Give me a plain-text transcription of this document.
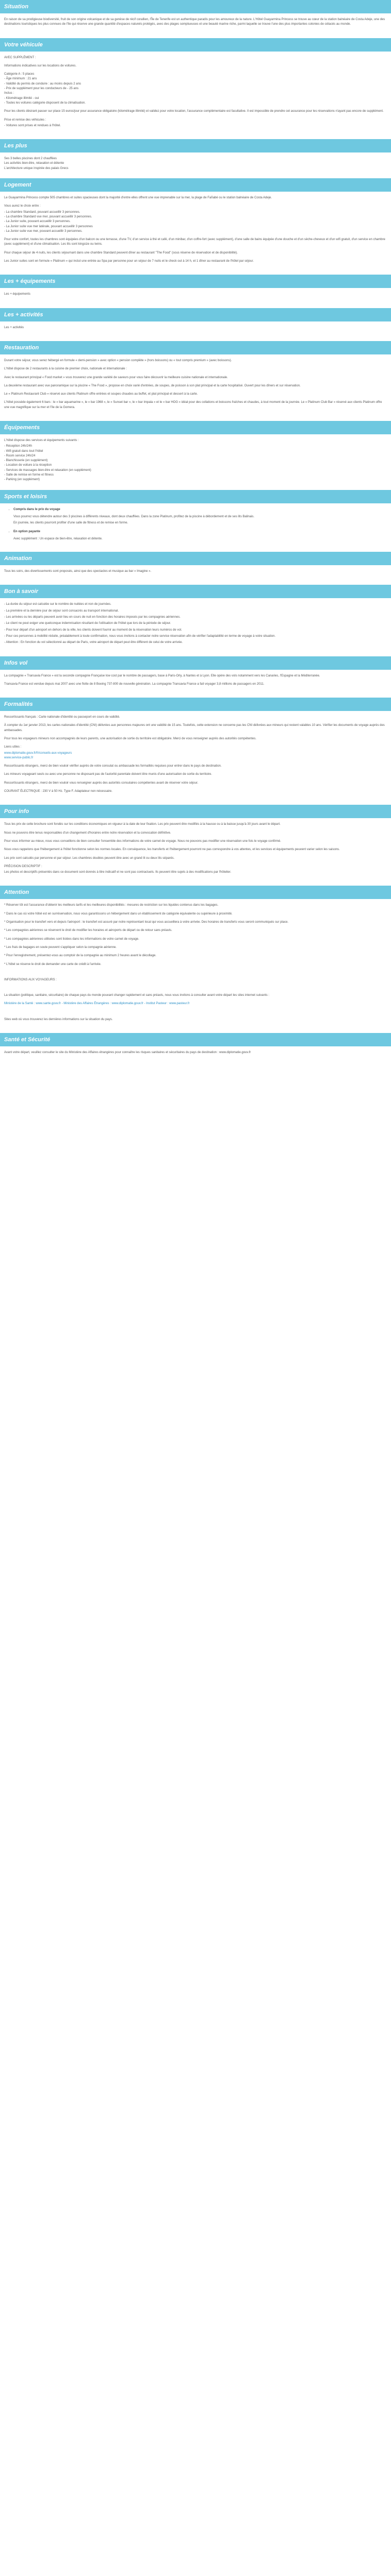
Situation

En raison de sa prodigieuse biodiversité, fruit de son origine volcanique et de sa genèse de récif corallien, l'Île de Tenerife est un authentique paradis pour les amoureux de la nature. L'Hôtel Guayarmina Princess se trouve au cœur de la station balnéaire de Costa Adeje, une des destinations touristiques les plus connues de l'île qui réserve une grande quantité d'espaces naturels protégés, avec des plages somptueuses et une beauté marine riche, parmi laquelle se trouve l'une des plus importantes colonies de cétacés au monde.

Votre véhicule

AVEC SUPPLÉMENT :

Informations indicatives sur les locations de voitures.

Catégorie A : 5 places
- Âge minimum : 21 ans
- Validité du permis de conduire : au moins depuis 2 ans
- Prix de supplément pour les conducteurs de - 25 ans
Inclus :
- Kilométrage illimité - oui
- Toutes les voitures catégorie disposent de la climatisation.

Pour les clients désirant passer sur place 15 euros/jour pour assurance obligatoire (kilométrage illimité) et validez pour votre location, l'assurance complémentaire est facultative. Il est impossible de prendre cet assurance pour les réservations n'ayant pas encore de supplément.

Prise et remise des véhicules :

- Voitures sont prises et rendues à l'hôtel.

Les plus
Ses 3 belles piscines dont 2 chauffées
Les activités bien-être, relaxation et détente
L'architecture unique inspirée des palais Grecs
Logement

Le Guayarmina Princess compte 505 chambres et suites spacieuses dont la majorité d'entre elles offrent une vue imprenable sur la mer, la plage de Fañabé ou le station balnéaire de Costa Adeje.

Vous aurez le choix entre :

- La chambre Standard, pouvant accueillir 3 personnes.
- La chambre Standard vue mer, pouvant accueillir 3 personnes.
- La Junior suite, pouvant accueillir 3 personnes.
- La Junior suite vue mer latérale, pouvant accueillir 3 personnes
- La Junior suite vue mer, pouvant accueillir 3 personnes.

Pour votre confort, toutes les chambres sont équipées d'un balcon ou une terrasse, d'une TV, d'un service à thé et café, d'un minibar, d'un coffre-fort (avec supplément), d'une salle de bains équipée d'une douche et d'un sèche-cheveux et d'un wifi gratuit, d'un service en chambre (avec supplément) et d'une climatisation. Les lits sont kingsize ou twins.

Pour chaque séjour de 4 nuits, les clients séjournant dans une chambre Standard peuvent dîner au restaurant "The Food" (sous réserve de réservation et de disponibilité).

Les Junior suites sont en formule « Platinum » qui inclut une entrée au Spa par personne pour un séjour de 7 nuits et le check out à 14 h, et 1 dîner au restaurant de l'hôtel par séjour.

Les + équipements

Les + équipements

Les + activités

Les + activités

Restauration

Durant votre séjour, vous serez hébergé en formule « demi-pension » avec option « pension complète » (hors boissons) ou « tout compris premium » (avec boissons).

L'hôtel dispose de 2 restaurants à la cuisine de premier choix, nationale et internationale :

Avec le restaurant principal « Food market » vous trouverez une grande variété de saveurs pour vous faire découvrir la meilleure cuisine nationale et internationale.

La deuxième restaurant avec vue panoramique sur la piscine « The Food », propose en choix varié d'entrées, de soupes, de poisson à son plat principal et la carte hospitalisé. Ouvert pour les dîners et sur réservation.

Le « Platinum Restaurant Club » réservé aux clients Platinum offre entrées et soupes chaudes au buffet, et plat principal et dessert à la carte.

L'hôtel possède également 6 bars : le « bar aquamarine », le « bar 1968 », le « Sunset bar », le « bar ímpala » et le « bar HOG » idéal pour des collations et boissons fraîches et chaudes, à tout moment de la journée. Le « Platinum Club Bar » réservé aux clients Platinum offre une vue magnifique sur la mer et l'île de la Gomera.

Équipements

L'hôtel dispose des services et équipements suivants :

- Réception 24h/24h
- Wifi gratuit dans tout l'hôtel
- Room service 24h/24
- Blanchisserie (en supplément)
- Location de voiture à la réception
- Services de massages bien-être et relaxation (en supplément)
- Salle de remise en forme et fitness
- Parking (en supplément)
Sports et loisirs
• Compris dans le prix du voyage

Vous pourrez vous détendre autour des 3 piscines à différents niveaux, dont deux chauffées. Dans la zone Platinum, profitez de la piscine à débordement et de ses lits Balinais.

En journée, les clients pourront profiter d'une salle de fitness et de remise en forme.

• En option payante

Avec supplément : Un espace de bien-être, relaxation et détente.

Animation

Tous les soirs, des divertissements sont proposés, ainsi que des spectacles et musique au bar « Imagine ».

Bon à savoir

- La durée du séjour est calculée sur le nombre de nuitées et non de journées.

- La première et la dernière jour de séjour sont consacrés au transport international.

- Les arrivées ou les départs peuvent avoir lieu en cours de nuit en fonction des horaires imposés par les compagnies aériennes.

- Le client ne peut exiger une quelconque indemnisation résultant de l'utilisation de l'hôtel que lors de la période de séjour.

- Pour leur départ d'un aéroport en dehors de la ville, les clients doivent fournir au moment de la réservation leurs numéros de vol.

- Pour ces personnes à mobilité réduite, préalablement à toute confirmation, nous vous invitons à contacter notre service réservation afin de vérifier l'adaptabilité en terme de voyage à votre situation.

- Attention : En fonction du vol sélectionné au départ de Paris, votre aéroport de départ peut être différent de celui de votre arrivée.

Infos vol

La compagnie « Transavia France » est la seconde compagnie Française low cost par le nombre de passagers, base à Paris-Orly, à Nantes et à Lyon. Elle opère des vols notamment vers les Canaries, l'Espagne et la Méditerranée.

Transavia France est vendue depuis mai 2007 avec une flotte de 8 Boeing 737-800 de nouvelle génération. La compagnie Transavia France a fait voyager 3,8 millions de passagers en 2011.

Formalités

Ressortissants français : Carte nationale d'identité ou passeport en cours de validité.

À compter du 1er janvier 2013, les cartes nationales d'identité (CNI) délivrées aux personnes majeures ont une validité de 15 ans. Toutefois, cette extension ne concerne pas les CNI délivrées aux mineurs qui restent valables 10 ans. Vérifier les documents de voyage auprès des ambassades.

Pour tous les voyageurs mineurs non accompagnés de leurs parents, une autorisation de sortie du territoire est obligatoire. Merci de vous renseigner auprès des autorités compétentes.

Liens utiles :

www.diplomatie.gouv.fr/fr/conseils-aux-voyageurs
www.service-public.fr

Ressortissants étrangers, merci de bien vouloir vérifier auprès de votre consulat ou ambassade les formalités requises pour entrer dans le pays de destination.

Les mineurs voyageant seuls ou avec une personne ne disposant pas de l'autorité parentale doivent être munis d'une autorisation de sortie du territoire.

Ressortissants étrangers, merci de bien vouloir vous renseigner auprès des autorités consulaires compétentes avant de réserver votre séjour.

COURANT ÉLECTRIQUE : 230 V à 50 Hz. Type F. Adaptateur non nécessaire.

Pour info

Tous les prix de cette brochure sont fondés sur les conditions économiques en vigueur à la date de leur fixation. Les prix peuvent être modifiés à la hausse ou à la baisse jusqu'à 30 jours avant le départ.

Nous ne pouvons être tenus responsables d'un changement d'horaires entre notre réservation et la convocation définitive.

Pour vous informer au mieux, nous vous conseillons de bien consulter l'ensemble des informations de votre carnet de voyage. Nous ne pouvons pas modifier une réservation une fois le voyage confirmé.

Nous vous rappelons que l'hébergement à l'hôtel fonctionne selon les normes locales. En conséquence, les transferts et l'hébergement pourront ne pas correspondre à vos attentes, et les services et équipements peuvent varier selon les saisons.

Les prix sont calculés par personne et par séjour. Les chambres doubles peuvent être avec un grand lit ou deux lits séparés.

PRÉCISION DESCRIPTIF :

Les photos et descriptifs présentés dans ce document sont donnés à titre indicatif et ne sont pas contractuels. Ils peuvent être sujets à des modifications par l'hôtelier.

Attention

* Réserver tôt est l'assurance d'obtenir les meilleurs tarifs et les meilleures disponibilités : mesures de restriction sur les liquides contenus dans les bagages.

* Dans le cas où votre hôtel est en surréservation, nous vous garantissons un hébergement dans un établissement de catégorie équivalente ou supérieure à proximité.

* Organisation pour le transfert vers et depuis l'aéroport : le transfert est assuré par notre représentant local qui vous accueillera à votre arrivée. Des horaires de transferts vous seront communiqués sur place.

* Les compagnies aériennes se réservent le droit de modifier les horaires et aéroports de départ ou de retour sans préavis.

* Les compagnies aériennes utilisées sont listées dans les informations de votre carnet de voyage.

* Les frais de bagages en soute peuvent s'appliquer selon la compagnie aérienne.

* Pour l'enregistrement, présentez-vous au comptoir de la compagnie au minimum 2 heures avant le décollage.

* L'hôtel se réserve le droit de demander une carte de crédit à l'arrivée.

INFORMATIONS AUX VOYAGEURS :

La situation (politique, sanitaire, sécuritaire) de chaque pays du monde pouvant changer rapidement et sans préavis, nous vous invitons à consulter avant votre départ les sites internet suivants :

Ministère de la Santé : www.sante.gouv.fr - Ministère des Affaires Étrangères : www.diplomatie.gouv.fr - Institut Pasteur : www.pasteur.fr

Sites web où vous trouverez les dernières informations sur la situation du pays.

Santé et Sécurité

Avant votre départ, veuillez consulter le site du Ministère des Affaires étrangères pour connaître les risques sanitaires et sécuritaires du pays de destination : www.diplomatie.gouv.fr
